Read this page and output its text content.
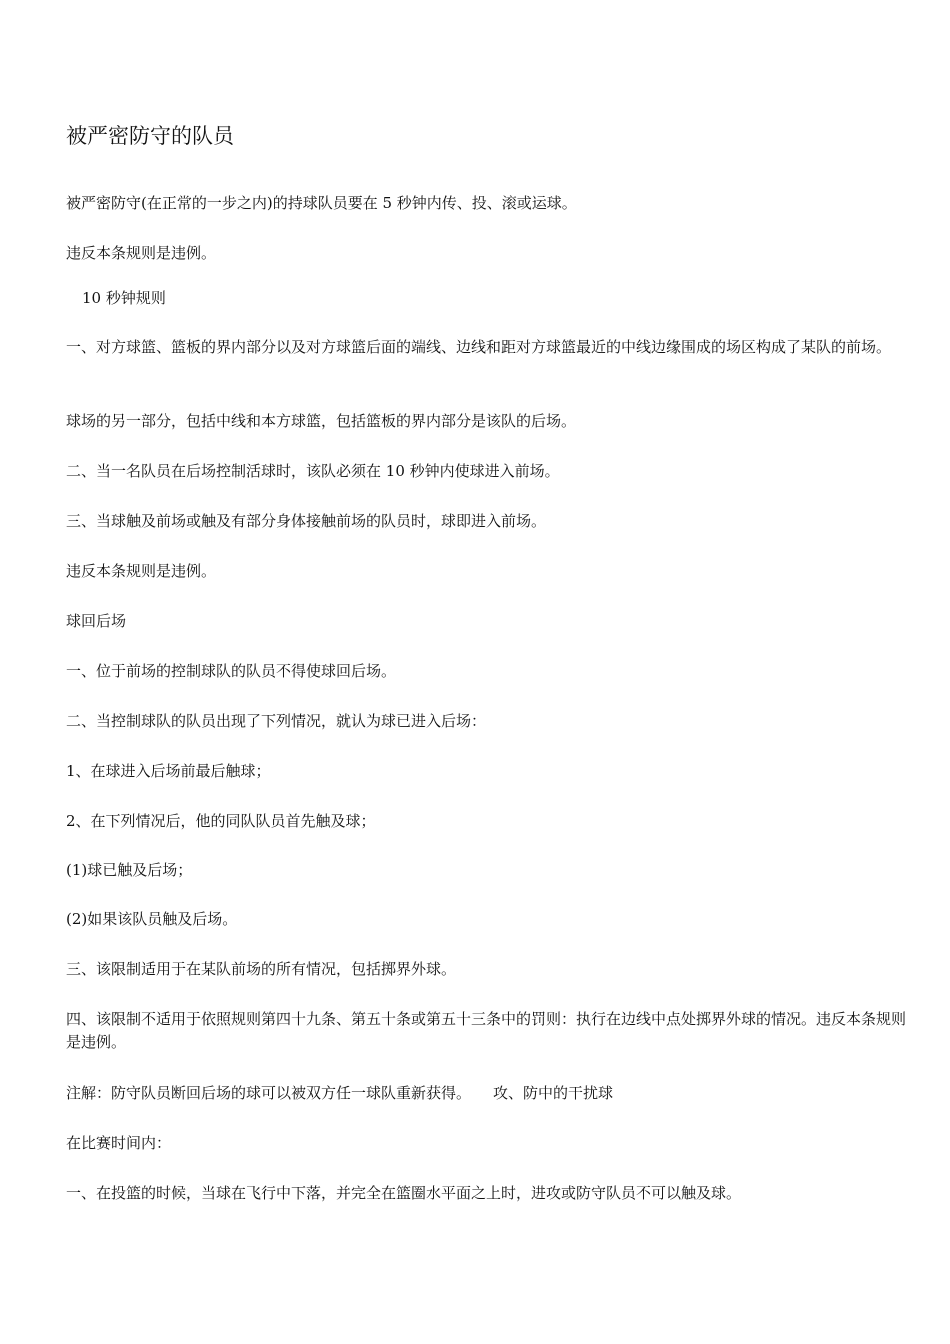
被严密防守的队员

被严密防守(在正常的一步之内)的持球队员要在 5 秒钟内传、投、滚或运球。

违反本条规则是违例。

10 秒钟规则

一、对方球篮、篮板的界内部分以及对方球篮后面的端线、边线和距对方球篮最近的中线边缘围成的场区构成了某队的前场。

球场的另一部分，包括中线和本方球篮，包括篮板的界内部分是该队的后场。

二、当一名队员在后场控制活球时，该队必须在 10 秒钟内使球进入前场。

三、当球触及前场或触及有部分身体接触前场的队员时，球即进入前场。

违反本条规则是违例。

球回后场

一、位于前场的控制球队的队员不得使球回后场。

二、当控制球队的队员出现了下列情况，就认为球已进入后场：

1、在球进入后场前最后触球；

2、在下列情况后，他的同队队员首先触及球；

(1)球已触及后场；

(2)如果该队员触及后场。

三、该限制适用于在某队前场的所有情况，包括掷界外球。

四、该限制不适用于依照规则第四十九条、第五十条或第五十三条中的罚则：执行在边线中点处掷界外球的情况。违反本条规则是违例。

注解：防守队员断回后场的球可以被双方任一球队重新获得。 攻、防中的干扰球

在比赛时间内：

一、在投篮的时候，当球在飞行中下落，并完全在篮圈水平面之上时，进攻或防守队员不可以触及球。
